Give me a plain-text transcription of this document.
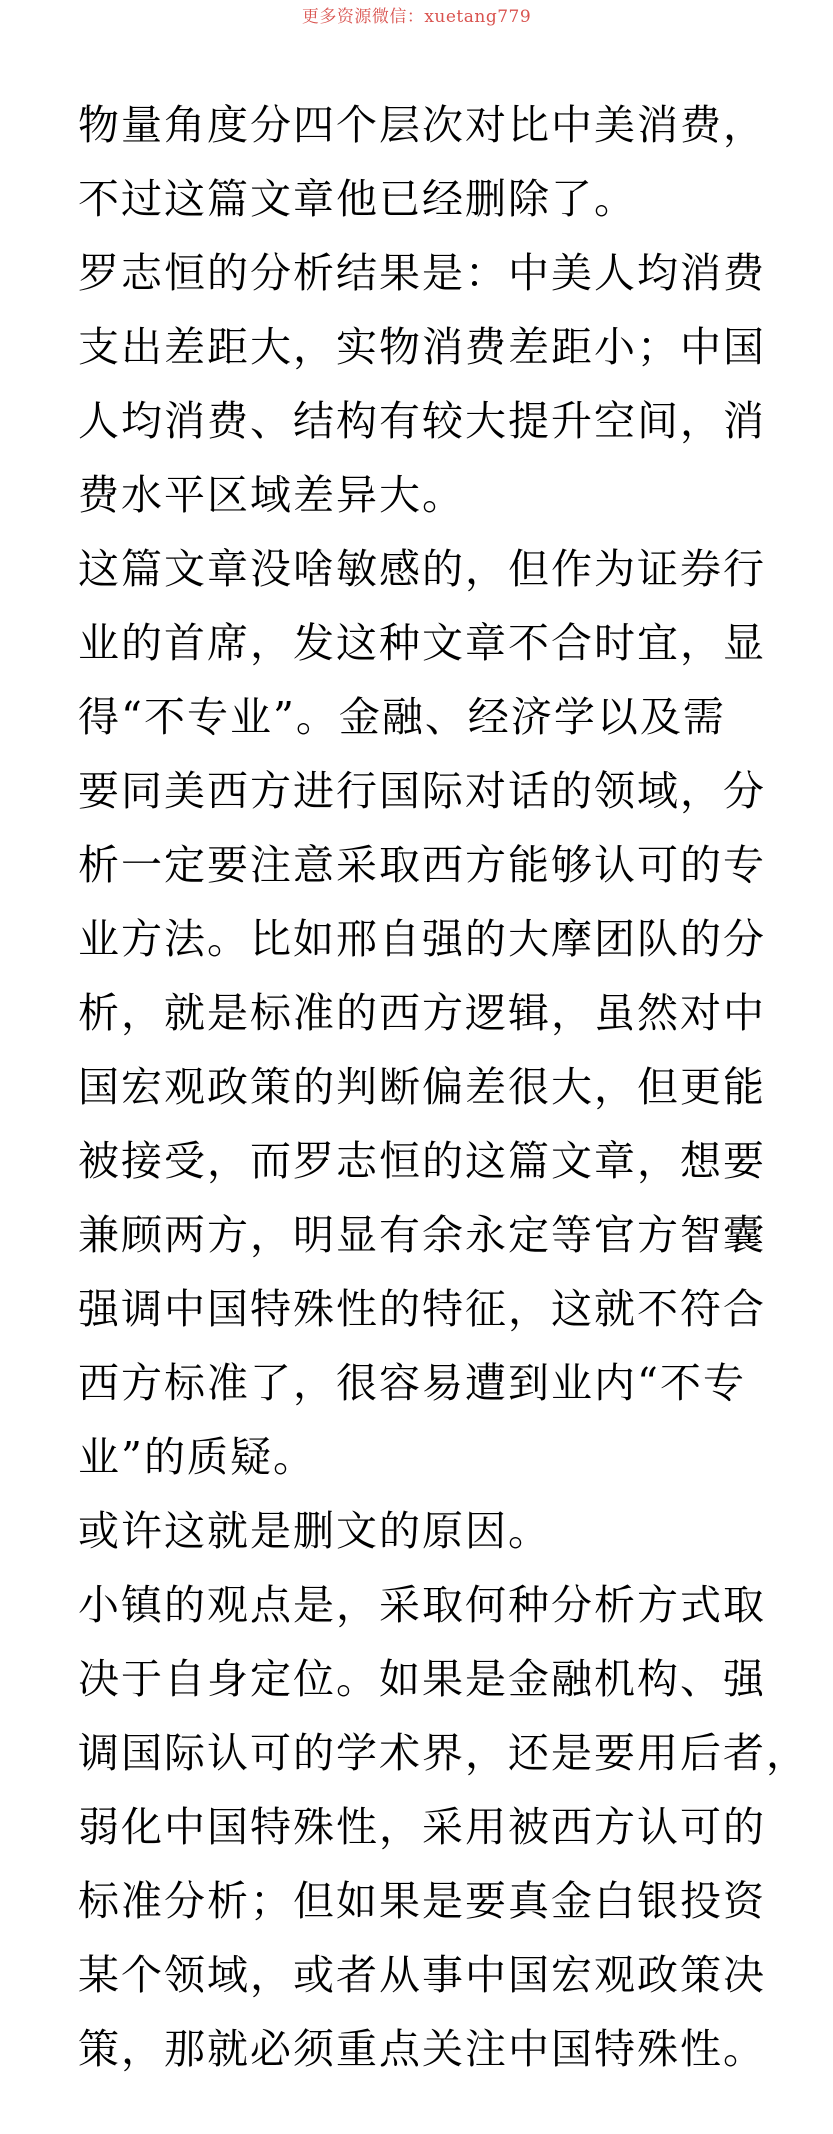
更多资源微信：xuetang779
物量角度分四个层次对比中美消费，
不过这篇文章他已经删除了。
罗志恒的分析结果是：中美人均消费
支出差距大，实物消费差距小；中国
人均消费、结构有较大提升空间，消
费水平区域差异大。
这篇文章没啥敏感的，但作为证券行
业的首席，发这种文章不合时宜，显
得“不专业”。金融、经济学以及需
要同美西方进行国际对话的领域，分
析一定要注意采取西方能够认可的专
业方法。比如邢自强的大摩团队的分
析，就是标准的西方逻辑，虽然对中
国宏观政策的判断偏差很大，但更能
被接受，而罗志恒的这篇文章，想要
兼顾两方，明显有余永定等官方智囊
强调中国特殊性的特征，这就不符合
西方标准了，很容易遭到业内“不专
业”的质疑。
或许这就是删文的原因。
小镇的观点是，采取何种分析方式取
决于自身定位。如果是金融机构、强
调国际认可的学术界，还是要用后者，
弱化中国特殊性，采用被西方认可的
标准分析；但如果是要真金白银投资
某个领域，或者从事中国宏观政策决
策，那就必须重点关注中国特殊性。
